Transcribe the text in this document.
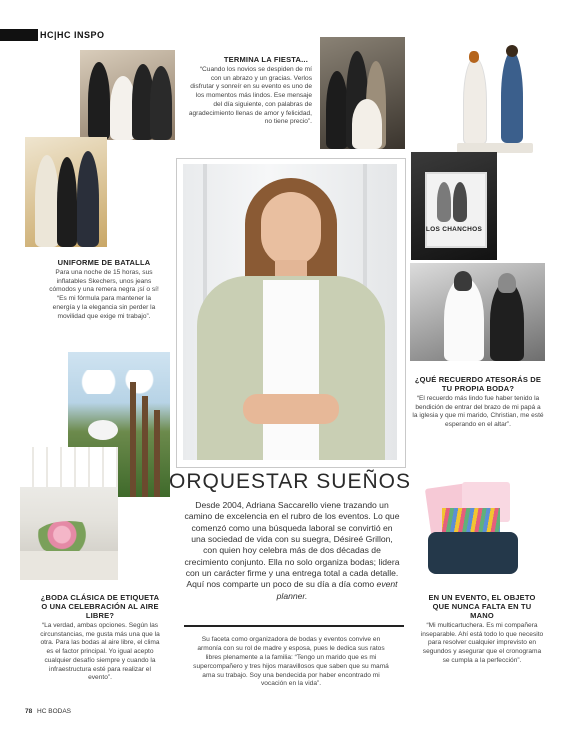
HC|HC INSPO
UNIFORME DE BATALLA

Para una noche de 15 horas, sus inflatables Skechers, unos jeans cómodos y una remera negra ¡sí o sí! “Es mi fórmula para mantener la energía y la elegancia sin perder la movilidad que exige mi trabajo”.

TERMINA LA FIESTA...

“Cuando los novios se despiden de mí con un abrazo y un gracias. Verlos disfrutar y sonreír en su evento es uno de los momentos más lindos. Ese mensaje del día siguiente, con palabras de agradecimiento llenas de amor y felicidad, no tiene precio”.

LOS CHANCHOS
¿QUÉ RECUERDO ATESORÁS DE TU PROPIA BODA?

“El recuerdo más lindo fue haber tenido la bendición de entrar del brazo de mi papá a la iglesia y que mi marido, Christian, me esté esperando en el altar”.

¿BODA CLÁSICA DE ETIQUETA O UNA CELEBRACIÓN AL AIRE LIBRE?

“La verdad, ambas opciones. Según las circunstancias, me gusta más una que la otra. Para las bodas al aire libre, el clima es el factor principal. Yo igual acepto cualquier desafío siempre y cuando la infraestructura esté para realizar el evento”.

ORQUESTAR SUEÑOS

Desde 2004, Adriana Saccarello viene trazando un camino de excelencia en el rubro de los eventos. Lo que comenzó como una búsqueda laboral se convirtió en una sociedad de vida con su suegra, Désireé Grillon, con quien hoy celebra más de dos décadas de crecimiento conjunto. Ella no solo organiza bodas; lidera con un carácter firme y una entrega total a cada detalle. Aquí nos comparte un poco de su día a día como event planner.

Su faceta como organizadora de bodas y eventos convive en armonía con su rol de madre y esposa, pues le dedica sus ratos libres plenamente a la familia: “Tengo un marido que es mi supercompañero y tres hijos maravillosos que saben que su mamá ama su trabajo. Soy una bendecida por haber encontrado mi vocación en la vida”.

EN UN EVENTO, EL OBJETO QUE NUNCA FALTA EN TU MANO

“Mi multicartuchera. Es mi compañera inseparable. Ahí está todo lo que necesito para resolver cualquier imprevisto en segundos y asegurar que el cronograma se cumpla a la perfección”.

78 HC BODAS
